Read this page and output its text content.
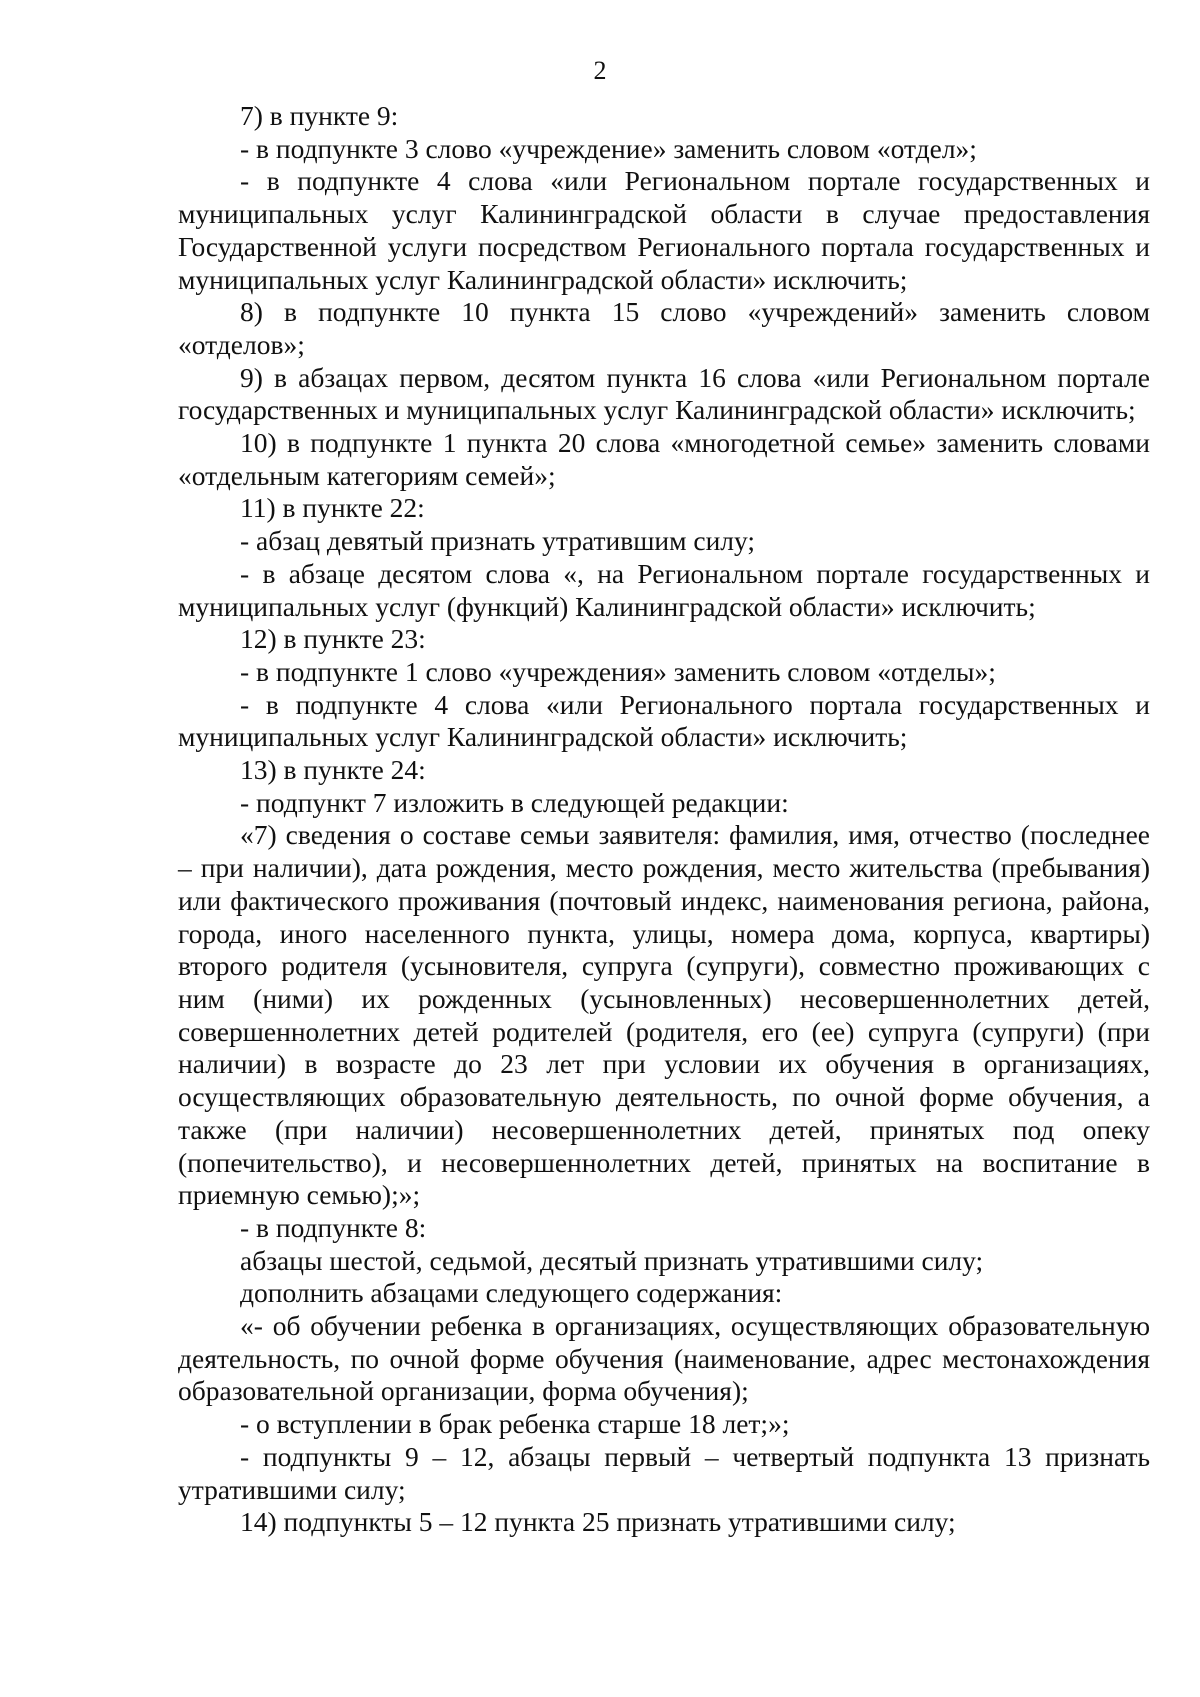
2

7) в пункте 9:

- в подпункте 3 слово «учреждение» заменить словом «отдел»;

- в подпункте 4 слова «или Региональном портале государственных и муниципальных услуг Калининградской области в случае предоставления Государственной услуги посредством Регионального портала государственных и муниципальных услуг Калининградской области» исключить;

8) в подпункте 10 пункта 15 слово «учреждений» заменить словом «отделов»;

9) в абзацах первом, десятом пункта 16 слова «или Региональном портале государственных и муниципальных услуг Калининградской области» исключить;

10) в подпункте 1 пункта 20 слова «многодетной семье» заменить словами «отдельным категориям семей»;

11) в пункте 22:

- абзац девятый признать утратившим силу;

- в абзаце десятом слова «, на Региональном портале государственных и муниципальных услуг (функций) Калининградской области» исключить;

12) в пункте 23:

- в подпункте 1 слово «учреждения» заменить словом «отделы»;

- в подпункте 4 слова «или Регионального портала государственных и муниципальных услуг Калининградской области» исключить;

13) в пункте 24:

- подпункт 7 изложить в следующей редакции:

«7) сведения о составе семьи заявителя: фамилия, имя, отчество (последнее – при наличии), дата рождения, место рождения, место жительства (пребывания) или фактического проживания (почтовый индекс, наименования региона, района, города, иного населенного пункта, улицы, номера дома, корпуса, квартиры) второго родителя (усыновителя, супруга (супруги), совместно проживающих с ним (ними) их рожденных (усыновленных) несовершеннолетних детей, совершеннолетних детей родителей (родителя, его (ее) супруга (супруги) (при наличии) в возрасте до 23 лет при условии их обучения в организациях, осуществляющих образовательную деятельность, по очной форме обучения, а также (при наличии) несовершеннолетних детей, принятых под опеку (попечительство), и несовершеннолетних детей, принятых на воспитание в приемную семью);»;

- в подпункте 8:

абзацы шестой, седьмой, десятый признать утратившими силу;

дополнить абзацами следующего содержания:

«- об обучении ребенка в организациях, осуществляющих образовательную деятельность, по очной форме обучения (наименование, адрес местонахождения образовательной организации, форма обучения);

- о вступлении в брак ребенка старше 18 лет;»;

- подпункты 9 – 12, абзацы первый – четвертый подпункта 13 признать утратившими силу;

14) подпункты 5 – 12 пункта 25 признать утратившими силу;
